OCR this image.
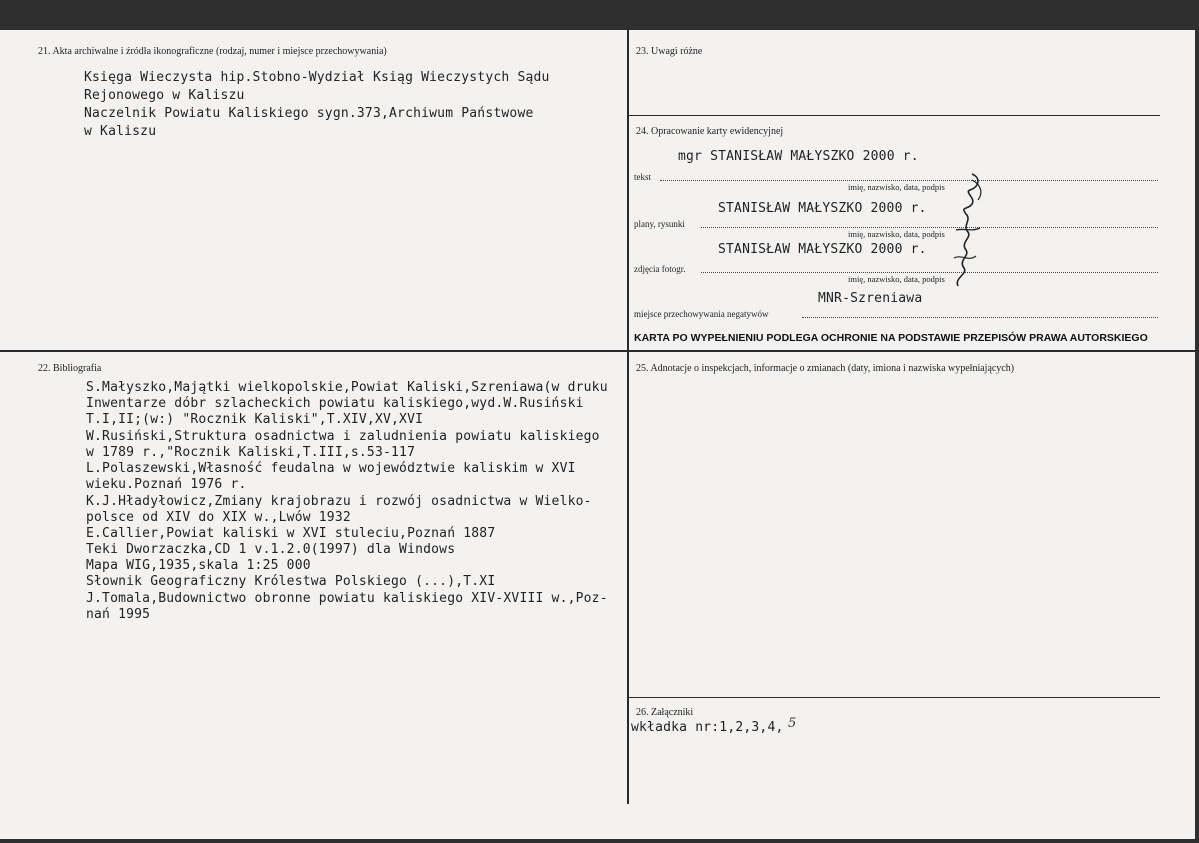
21. Akta archiwalne i źródła ikonograficzne (rodzaj, numer i miejsce przechowywania)
Księga Wieczysta hip.Stobno-Wydział Ksiąg Wieczystych Sądu
Rejonowego w Kaliszu
Naczelnik Powiatu Kaliskiego sygn.373,Archiwum Państwowe
w Kaliszu
23. Uwagi różne
24. Opracowanie karty ewidencyjnej
mgr STANISŁAW MAŁYSZKO 2000 r.
tekst
imię, nazwisko, data, podpis
STANISŁAW MAŁYSZKO 2000 r.
plany, rysunki
imię, nazwisko, data, podpis
STANISŁAW MAŁYSZKO 2000 r.
zdjęcia fotogr.
imię, nazwisko, data, podpis
MNR-Szreniawa
miejsce przechowywania negatywów
KARTA PO WYPEŁNIENIU PODLEGA OCHRONIE NA PODSTAWIE PRZEPISÓW PRAWA AUTORSKIEGO
22. Bibliografia
S.Małyszko,Majątki wielkopolskie,Powiat Kaliski,Szreniawa(w druku
Inwentarze dóbr szlacheckich powiatu kaliskiego,wyd.W.Rusiński
T.I,II;(w:) "Rocznik Kaliski",T.XIV,XV,XVI
W.Rusiński,Struktura osadnictwa i zaludnienia powiatu kaliskiego
w 1789 r.,"Rocznik Kaliski,T.III,s.53-117
L.Polaszewski,Własność feudalna w województwie kaliskim w XVI
wieku.Poznań 1976 r.
K.J.Hładyłowicz,Zmiany krajobrazu i rozwój osadnictwa w Wielko-
polsce od XIV do XIX w.,Lwów 1932
E.Callier,Powiat kaliski w XVI stuleciu,Poznań 1887
Teki Dworzaczka,CD 1 v.1.2.0(1997) dla Windows
Mapa WIG,1935,skala 1:25 000
Słownik Geograficzny Królestwa Polskiego (...),T.XI
J.Tomala,Budownictwo obronne powiatu kaliskiego XIV-XVIII w.,Poz-
nań 1995
25. Adnotacje o inspekcjach, informacje o zmianach (daty, imiona i nazwiska wypełniających)
26. Załączniki
wkładka nr:1,2,3,4, 5
